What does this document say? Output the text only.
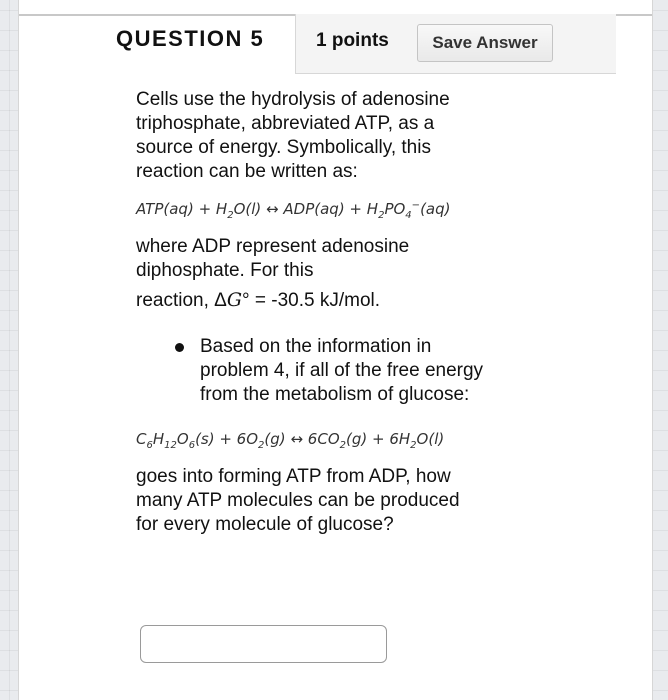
QUESTION 5	1 points	Save Answer

Cells use the hydrolysis of adenosine triphosphate, abbreviated ATP, as a source of energy. Symbolically, this reaction can be written as:

$ATP(aq) + H_2O(l)$ ↔ $ADP(aq) + H_2PO_4^-(aq)$

where ADP represent adenosine diphosphate. For this

reaction, ΔG° = -30.5 kJ/mol.

Based on the information in problem 4, if all of the free energy from the metabolism of glucose:
$C_6H_{12}O_6(s) + 6O_2(g)$ ↔ $6CO_2(g) + 6H_2O(l)$

goes into forming ATP from ADP, how many ATP molecules can be produced for every molecule of glucose?
